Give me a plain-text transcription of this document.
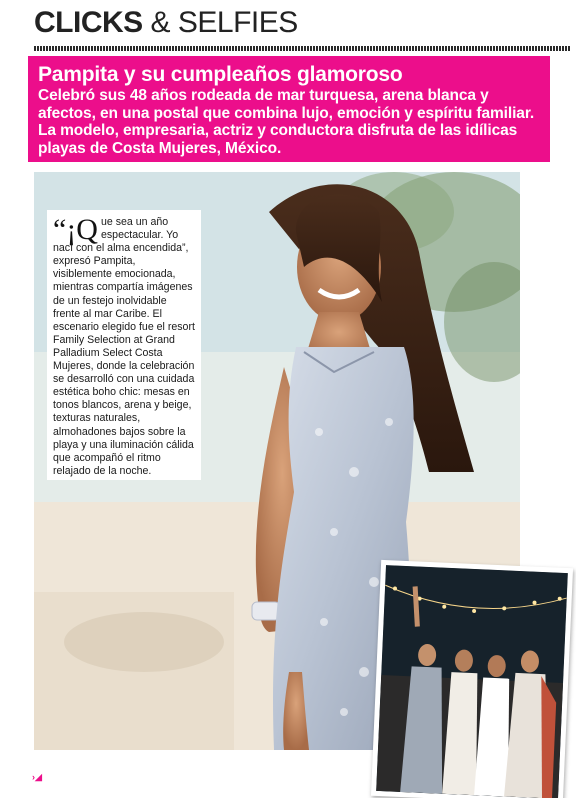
CLICKS & SELFIES
Pampita y su cumpleaños glamoroso
Celebró sus 48 años rodeada de mar turquesa, arena blanca y afectos, en una postal que combina lujo, emoción y espíritu familiar. La modelo, empresaria, actriz y conductora disfruta de las idílicas playas de Costa Mujeres, México.
“¡Q ue sea un año espectacular. Yo nací con el alma encendida”, expresó Pampita, visiblemente emocionada, mientras compartía imágenes de un festejo inolvidable frente al mar Caribe. El escenario elegido fue el resort Family Selection at Grand Palladium Select Costa Mujeres, donde la celebración se desarrolló con una cuidada estética boho chic: mesas en tonos blancos, arena y beige, texturas naturales, almohadones bajos sobre la playa y una iluminación cálida que acompañó el ritmo relajado de la noche.
›◢
